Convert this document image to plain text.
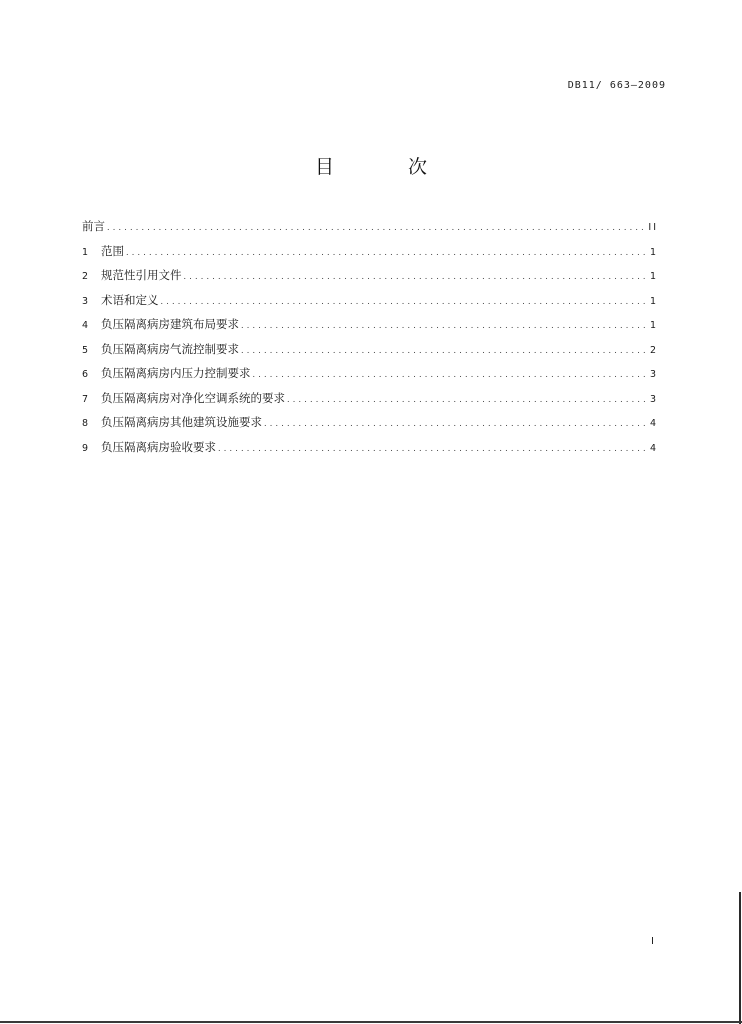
DB11/ 663—2009
目 次
前言 .....	II
1	范围 .....	1
2	规范性引用文件 .....	1
3	术语和定义 .....	1
4	负压隔离病房建筑布局要求 .....	1
5	负压隔离病房气流控制要求 .....	2
6	负压隔离病房内压力控制要求 .....	3
7	负压隔离病房对净化空调系统的要求 .....	3
8	负压隔离病房其他建筑设施要求 .....	4
9	负压隔离病房验收要求 .....	4
I
